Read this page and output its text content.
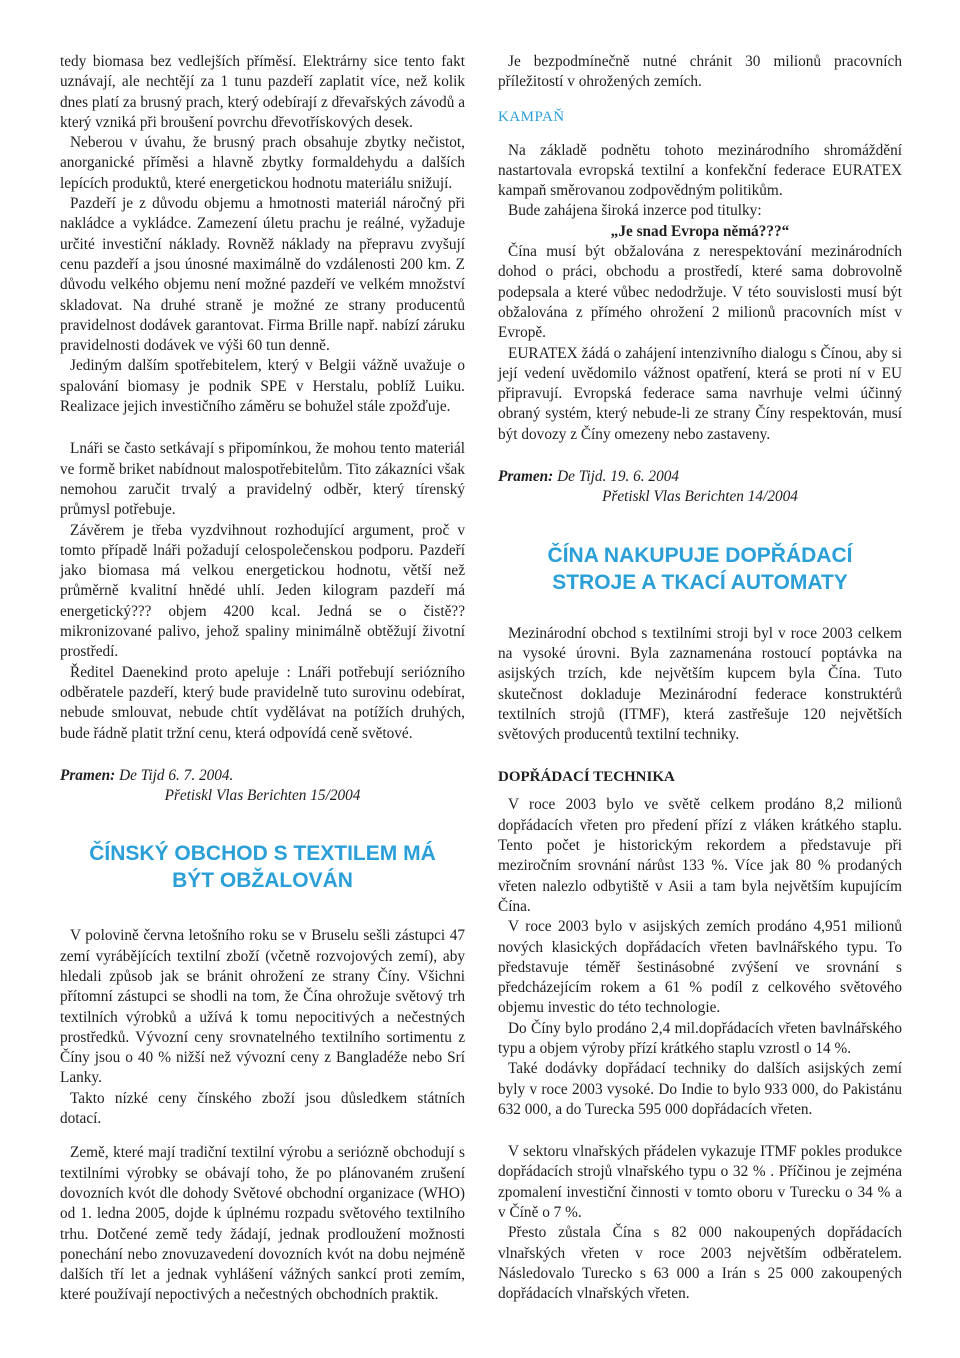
tedy biomasa bez vedlejších příměsí. Elektrárny sice tento fakt uznávají, ale nechtějí za 1 tunu pazdeří zaplatit více, než kolik dnes platí za brusný prach, který odebírají z dřevařských závodů a který vzniká při broušení povrchu dřevotřískových desek.

Neberou v úvahu, že brusný prach obsahuje zbytky nečistot, anorganické příměsi a hlavně zbytky formaldehydu a dalších lepících produktů, které energetickou hodnotu materiálu snižují.

Pazdeří je z důvodu objemu a hmotnosti materiál náročný při nakládce a vykládce. Zamezení úletu prachu je reálné, vyžaduje určité investiční náklady. Rovněž náklady na přepravu zvyšují cenu pazdeří a jsou únosné maximálně do vzdálenosti 200 km. Z důvodu velkého objemu není možné pazdeří ve velkém množství skladovat. Na druhé straně je možné ze strany producentů pravidelnost dodávek garantovat. Firma Brille např. nabízí záruku pravidelnosti dodávek ve výši 60 tun denně.

Jediným dalším spotřebitelem, který v Belgii vážně uvažuje o spalování biomasy je podnik SPE v Herstalu, poblíž Luiku. Realizace jejich investičního záměru se bohužel stále zpožďuje.

Lnáři se často setkávají s připomínkou, že mohou tento materiál ve formě briket nabídnout malospotřebitelům. Tito zákazníci však nemohou zaručit trvalý a pravidelný odběr, který tírenský průmysl potřebuje.

Závěrem je třeba vyzdvihnout rozhodující argument, proč v tomto případě lnáři požadují celospolečenskou podporu. Pazdeří jako biomasa má velkou energetickou hodnotu, větší než průměrně kvalitní hnědé uhlí. Jeden kilogram pazdeří má energetický??? objem 4200 kcal. Jedná se o čistě?? mikronizované palivo, jehož spaliny minimálně obtěžují životní prostředí.

Ředitel Daenekind proto apeluje : Lnáři potřebují seriózního odběratele pazdeří, který bude pravidelně tuto surovinu odebírat, nebude smlouvat, nebude chtít vydělávat na potížích druhých, bude řádně platit tržní cenu, která odpovídá ceně světové.

Pramen: De Tijd 6. 7. 2004.

Přetiskl Vlas Berichten 15/2004

ČÍNSKÝ OBCHOD S TEXTILEM MÁ
BÝT OBŽALOVÁN

V polovině června letošního roku se v Bruselu sešli zástupci 47 zemí vyrábějících textilní zboží (včetně rozvojových zemí), aby hledali způsob jak se bránit ohrožení ze strany Číny. Všichni přítomní zástupci se shodli na tom, že Čína ohrožuje světový trh textilních výrobků a užívá k tomu nepocitivých a nečestných prostředků. Vývozní ceny srovnatelného textilního sortimentu z Číny jsou o 40 % nižší než vývozní ceny z Bangladéže nebo Srí Lanky.

Takto nízké ceny čínského zboží jsou důsledkem státních dotací.

Země, které mají tradiční textilní výrobu a seriózně obchodují s textilními výrobky se obávají toho, že po plánovaném zrušení dovozních kvót dle dohody Světové obchodní organizace (WHO) od 1. ledna 2005, dojde k úplnému rozpadu světového textilního trhu. Dotčené země tedy žádají, jednak prodloužení možnosti ponechání nebo znovuzavedení dovozních kvót na dobu nejméně dalších tří let a jednak vyhlášení vážných sankcí proti zemím, které používají nepoctivých a nečestných obchodních praktik.

Je bezpodmínečně nutné chránit 30 milionů pracovních příležitostí v ohrožených zemích.

KAMPAŇ

Na základě podnětu tohoto mezinárodního shromáždění nastartovala evropská textilní a konfekční federace EURATEX kampaň směrovanou zodpovědným politikům.

Bude zahájena široká inzerce pod titulky:

„Je snad Evropa němá???“

Čína musí být obžalována z nerespektování mezinárodních dohod o práci, obchodu a prostředí, které sama dobrovolně podepsala a které vůbec nedodržuje. V této souvislosti musí být obžalována z přímého ohrožení 2 milionů pracovních míst v Evropě.

EURATEX žádá o zahájení intenzivního dialogu s Čínou, aby si její vedení uvědomilo vážnost opatření, která se proti ní v EU připravují. Evropská federace sama navrhuje velmi účinný obraný systém, který nebude-li ze strany Číny respektován, musí být dovozy z Číny omezeny nebo zastaveny.

Pramen: De Tijd. 19. 6. 2004

Přetiskl Vlas Berichten 14/2004

ČÍNA NAKUPUJE DOPŘÁDACÍ
STROJE A TKACÍ AUTOMATY

Mezinárodní obchod s textilními stroji byl v roce 2003 celkem na vysoké úrovni. Byla zaznamenána rostoucí poptávka na asijských trzích, kde největším kupcem byla Čína. Tuto skutečnost dokladuje Mezinárodní federace konstruktérů textilních strojů (ITMF), která zastřešuje 120 největších světových producentů textilní techniky.

DOPŘÁDACÍ TECHNIKA

V roce 2003 bylo ve světě celkem prodáno 8,2 milionů dopřádacích vřeten pro předení přízí z vláken krátkého staplu. Tento počet je historickým rekordem a představuje při meziročním srovnání nárůst 133 %. Více jak 80 % prodaných vřeten nalezlo odbytiště v Asii a tam byla největším kupujícím Čína.

V roce 2003 bylo v asijských zemích prodáno 4,951 milionů nových klasických dopřádacích vřeten bavlnářského typu. To představuje téměř šestinásobné zvýšení ve srovnání s předcházejícím rokem a 61 % podíl z celkového světového objemu investic do této technologie.

Do Číny bylo prodáno 2,4 mil.dopřádacích vřeten bavlnářského typu a objem výroby přízí krátkého staplu vzrostl o 14 %.

Také dodávky dopřádací techniky do dalších asijských zemí byly v roce 2003 vysoké. Do Indie to bylo 933 000, do Pakistánu 632 000, a do Turecka 595 000 dopřádacích vřeten.

V sektoru vlnařských přádelen vykazuje ITMF pokles produkce dopřádacích strojů vlnařského typu o 32 % . Příčinou je zejména zpomalení investiční činnosti v tomto oboru v Turecku o 34 % a v Číně o 7 %.

Přesto zůstala Čína s 82 000 nakoupených dopřádacích vlnařských vřeten v roce 2003 největším odběratelem. Následovalo Turecko s 63 000 a Irán s 25 000 zakoupených dopřádacích vlnařských vřeten.
